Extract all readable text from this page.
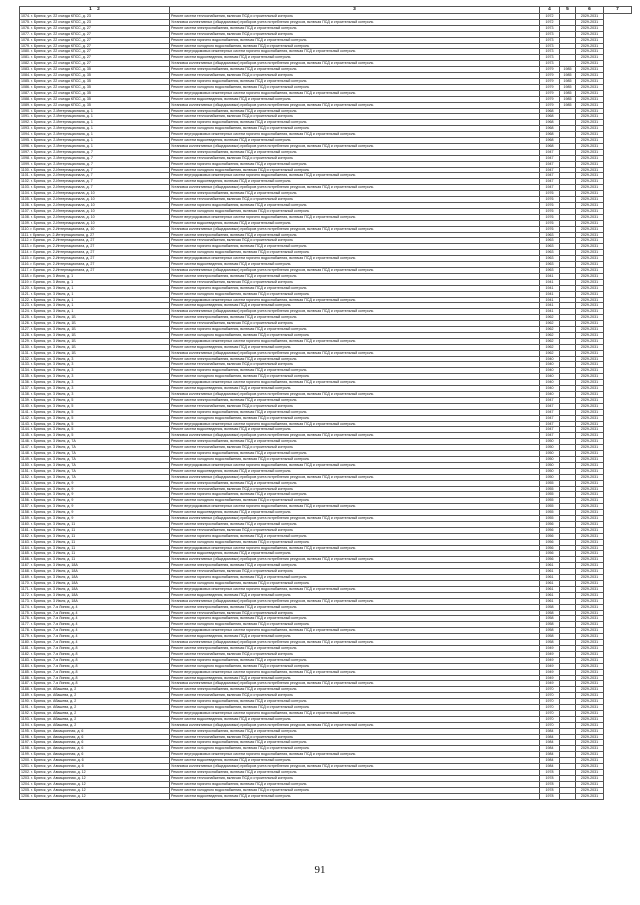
1 2	3	4	5	6	7
1074. г. Брянск, ул. 22 съезда КПСС, д. 23	Ремонт систем теплоснабжения, включая ПСД и строительный контроль	1972		2029-2031	
1075. г. Брянск, ул. 22 съезда КПСС, д. 23	Установка коллективных (общедомовых) приборов учета потребления ресурсов, включая ПСД и строительный контроль	1972		2029-2031	
1076. г. Брянск, ул. 22 съезда КПСС, д. 27	Ремонт систем электроснабжения, включая ПСД и строительный контроль	1973		2029-2031	
1077. г. Брянск, ул. 22 съезда КПСС, д. 27	Ремонт систем теплоснабжения, включая ПСД и строительный контроль	1973		2029-2031	
1078. г. Брянск, ул. 22 съезда КПСС, д. 27	Ремонт систем горячего водоснабжения, включая ПСД и строительный контроль	1973		2029-2031	
1079. г. Брянск, ул. 22 съезда КПСС, д. 27	Ремонт систем холодного водоснабжения, включая ПСД и строительный контроль	1973		2029-2031	
1080. г. Брянск, ул. 22 съезда КПСС, д. 27	Ремонт внутридомовых инженерных систем горячего водоснабжения, включая ПСД и строительный контроль	1973		2029-2031	
1081. г. Брянск, ул. 22 съезда КПСС, д. 27	Ремонт систем водоотведения, включая ПСД и строительный контроль	1973		2029-2031	
1082. г. Брянск, ул. 22 съезда КПСС, д. 27	Установка коллективных (общедомовых) приборов учета потребления ресурсов, включая ПСД и строительный контроль	1973		2029-2031	
1083. г. Брянск, ул. 22 съезда КПСС, д. 35	Ремонт систем электроснабжения, включая ПСД и строительный контроль	1979	1985	2029-2031	
1084. г. Брянск, ул. 22 съезда КПСС, д. 35	Ремонт систем теплоснабжения, включая ПСД и строительный контроль	1979	1985	2029-2031	
1085. г. Брянск, ул. 22 съезда КПСС, д. 35	Ремонт систем горячего водоснабжения, включая ПСД и строительный контроль	1979	1985	2029-2031	
1086. г. Брянск, ул. 22 съезда КПСС, д. 35	Ремонт систем холодного водоснабжения, включая ПСД и строительный контроль	1979	1985	2029-2031	
1087. г. Брянск, ул. 22 съезда КПСС, д. 35	Ремонт внутридомовых инженерных систем горячего водоснабжения, включая ПСД и строительный контроль	1979	1985	2029-2031	
1088. г. Брянск, ул. 22 съезда КПСС, д. 35	Ремонт систем водоотведения, включая ПСД и строительный контроль	1979	1985	2029-2031	
1089. г. Брянск, ул. 22 съезда КПСС, д. 35	Установка коллективных (общедомовых) приборов учета потребления ресурсов, включая ПСД и строительный контроль	1979	1985	2029-2031	
1090. г. Брянск, ул. 2-Интернационала, д. 1	Ремонт систем электроснабжения, включая ПСД и строительный контроль	1968		2029-2031	
1091. г. Брянск, ул. 2-Интернационала, д. 1	Ремонт систем теплоснабжения, включая ПСД и строительный контроль	1968		2029-2031	
1092. г. Брянск, ул. 2-Интернационала, д. 1	Ремонт систем горячего водоснабжения, включая ПСД и строительный контроль	1968		2029-2031	
1093. г. Брянск, ул. 2-Интернационала, д. 1	Ремонт систем холодного водоснабжения, включая ПСД и строительный контроль	1968		2029-2031	
1094. г. Брянск, ул. 2-Интернационала, д. 1	Ремонт внутридомовых инженерных систем горячего водоснабжения, включая ПСД и строительный контроль	1968		2029-2031	
1095. г. Брянск, ул. 2-Интернационала, д. 1	Ремонт систем водоотведения, включая ПСД и строительный контроль	1968		2029-2031	
1096. г. Брянск, ул. 2-Интернационала, д. 1	Установка коллективных (общедомовых) приборов учета потребления ресурсов, включая ПСД и строительный контроль	1968		2029-2031	
1097. г. Брянск, ул. 2-Интернационала, д. 7	Ремонт систем электроснабжения, включая ПСД и строительный контроль	1947		2029-2031	
1098. г. Брянск, ул. 2-Интернационала, д. 7	Ремонт систем теплоснабжения, включая ПСД и строительный контроль	1947		2029-2031	
1099. г. Брянск, ул. 2-Интернационала, д. 7	Ремонт систем горячего водоснабжения, включая ПСД и строительный контроль	1947		2029-2031	
1100. г. Брянск, ул. 2-Интернационала, д. 7	Ремонт систем холодного водоснабжения, включая ПСД и строительный контроль	1947		2029-2031	
1101. г. Брянск, ул. 2-Интернационала, д. 7	Ремонт внутридомовых инженерных систем горячего водоснабжения, включая ПСД и строительный контроль	1947		2029-2031	
1102. г. Брянск, ул. 2-Интернационала, д. 7	Ремонт систем водоотведения, включая ПСД и строительный контроль	1947		2029-2031	
1103. г. Брянск, ул. 2-Интернационала, д. 7	Установка коллективных (общедомовых) приборов учета потребления ресурсов, включая ПСД и строительный контроль	1947		2029-2031	
1104. г. Брянск, ул. 2-Интернационала, д. 10	Ремонт систем электроснабжения, включая ПСД и строительный контроль	1976		2029-2031	
1105. г. Брянск, ул. 2-Интернационала, д. 10	Ремонт систем теплоснабжения, включая ПСД и строительный контроль	1976		2029-2031	
1106. г. Брянск, ул. 2-Интернационала, д. 10	Ремонт систем горячего водоснабжения, включая ПСД и строительный контроль	1976		2029-2031	
1107. г. Брянск, ул. 2-Интернационала, д. 10	Ремонт систем холодного водоснабжения, включая ПСД и строительный контроль	1976		2029-2031	
1108. г. Брянск, ул. 2-Интернационала, д. 10	Ремонт внутридомовых инженерных систем горячего водоснабжения, включая ПСД и строительный контроль	1976		2029-2031	
1109. г. Брянск, ул. 2-Интернационала, д. 10	Ремонт систем водоотведения, включая ПСД и строительный контроль	1976		2029-2031	
1110. г. Брянск, ул. 2-Интернационала, д. 10	Установка коллективных (общедомовых) приборов учета потребления ресурсов, включая ПСД и строительный контроль	1976		2029-2031	
1111. г. Брянск, ул. 2-Интернационала, д. 27	Ремонт систем электроснабжения, включая ПСД и строительный контроль	1963		2029-2031	
1112. г. Брянск, ул. 2-Интернационала, д. 27	Ремонт систем теплоснабжения, включая ПСД и строительный контроль	1963		2029-2031	
1113. г. Брянск, ул. 2-Интернационала, д. 27	Ремонт систем горячего водоснабжения, включая ПСД и строительный контроль	1963		2029-2031	
1114. г. Брянск, ул. 2-Интернационала, д. 27	Ремонт систем холодного водоснабжения, включая ПСД и строительный контроль	1963		2029-2031	
1115. г. Брянск, ул. 2-Интернационала, д. 27	Ремонт внутридомовых инженерных систем горячего водоснабжения, включая ПСД и строительный контроль	1963		2029-2031	
1116. г. Брянск, ул. 2-Интернационала, д. 27	Ремонт систем водоотведения, включая ПСД и строительный контроль	1963		2029-2031	
1117. г. Брянск, ул. 2-Интернационала, д. 27	Установка коллективных (общедомовых) приборов учета потребления ресурсов, включая ПСД и строительный контроль	1963		2029-2031	
1118. г. Брянск, ул. 3 Июля, д. 1	Ремонт систем электроснабжения, включая ПСД и строительный контроль	1941		2029-2031	
1119. г. Брянск, ул. 3 Июля, д. 1	Ремонт систем теплоснабжения, включая ПСД и строительный контроль	1941		2029-2031	
1120. г. Брянск, ул. 3 Июля, д. 1	Ремонт систем горячего водоснабжения, включая ПСД и строительный контроль	1941		2029-2031	
1121. г. Брянск, ул. 3 Июля, д. 1	Ремонт систем холодного водоснабжения, включая ПСД и строительный контроль	1941		2029-2031	
1122. г. Брянск, ул. 3 Июля, д. 1	Ремонт внутридомовых инженерных систем горячего водоснабжения, включая ПСД и строительный контроль	1941		2029-2031	
1123. г. Брянск, ул. 3 Июля, д. 1	Ремонт систем водоотведения, включая ПСД и строительный контроль	1941		2029-2031	
1124. г. Брянск, ул. 3 Июля, д. 1	Установка коллективных (общедомовых) приборов учета потребления ресурсов, включая ПСД и строительный контроль	1941		2029-2031	
1125. г. Брянск, ул. 3 Июля, д. 1Б	Ремонт систем электроснабжения, включая ПСД и строительный контроль	1962		2029-2031	
1126. г. Брянск, ул. 3 Июля, д. 1Б	Ремонт систем теплоснабжения, включая ПСД и строительный контроль	1962		2029-2031	
1127. г. Брянск, ул. 3 Июля, д. 1Б	Ремонт систем горячего водоснабжения, включая ПСД и строительный контроль	1962		2029-2031	
1128. г. Брянск, ул. 3 Июля, д. 1Б	Ремонт систем холодного водоснабжения, включая ПСД и строительный контроль	1962		2029-2031	
1129. г. Брянск, ул. 3 Июля, д. 1Б	Ремонт внутридомовых инженерных систем горячего водоснабжения, включая ПСД и строительный контроль	1962		2029-2031	
1130. г. Брянск, ул. 3 Июля, д. 1Б	Ремонт систем водоотведения, включая ПСД и строительный контроль	1962		2029-2031	
1131. г. Брянск, ул. 3 Июля, д. 1Б	Установка коллективных (общедомовых) приборов учета потребления ресурсов, включая ПСД и строительный контроль	1962		2029-2031	
1132. г. Брянск, ул. 3 Июля, д. 3	Ремонт систем электроснабжения, включая ПСД и строительный контроль	1940		2029-2031	
1133. г. Брянск, ул. 3 Июля, д. 3	Ремонт систем теплоснабжения, включая ПСД и строительный контроль	1940		2029-2031	
1134. г. Брянск, ул. 3 Июля, д. 3	Ремонт систем горячего водоснабжения, включая ПСД и строительный контроль	1940		2029-2031	
1135. г. Брянск, ул. 3 Июля, д. 3	Ремонт систем холодного водоснабжения, включая ПСД и строительный контроль	1940		2029-2031	
1136. г. Брянск, ул. 3 Июля, д. 3	Ремонт внутридомовых инженерных систем горячего водоснабжения, включая ПСД и строительный контроль	1940		2029-2031	
1137. г. Брянск, ул. 3 Июля, д. 3	Ремонт систем водоотведения, включая ПСД и строительный контроль	1940		2029-2031	
1138. г. Брянск, ул. 3 Июля, д. 3	Установка коллективных (общедомовых) приборов учета потребления ресурсов, включая ПСД и строительный контроль	1940		2029-2031	
1139. г. Брянск, ул. 3 Июля, д. 5	Ремонт систем электроснабжения, включая ПСД и строительный контроль	1947		2029-2031	
1140. г. Брянск, ул. 3 Июля, д. 5	Ремонт систем теплоснабжения, включая ПСД и строительный контроль	1947		2029-2031	
1141. г. Брянск, ул. 3 Июля, д. 5	Ремонт систем горячего водоснабжения, включая ПСД и строительный контроль	1947		2029-2031	
1142. г. Брянск, ул. 3 Июля, д. 5	Ремонт систем холодного водоснабжения, включая ПСД и строительный контроль	1947		2029-2031	
1143. г. Брянск, ул. 3 Июля, д. 5	Ремонт внутридомовых инженерных систем горячего водоснабжения, включая ПСД и строительный контроль	1947		2029-2031	
1144. г. Брянск, ул. 3 Июля, д. 5	Ремонт систем водоотведения, включая ПСД и строительный контроль	1947		2029-2031	
1145. г. Брянск, ул. 3 Июля, д. 5	Установка коллективных (общедомовых) приборов учета потребления ресурсов, включая ПСД и строительный контроль	1947		2029-2031	
1146. г. Брянск, ул. 3 Июля, д. 7А	Ремонт систем электроснабжения, включая ПСД и строительный контроль	1950		2029-2031	
1147. г. Брянск, ул. 3 Июля, д. 7А	Ремонт систем теплоснабжения, включая ПСД и строительный контроль	1950		2029-2031	
1148. г. Брянск, ул. 3 Июля, д. 7А	Ремонт систем горячего водоснабжения, включая ПСД и строительный контроль	1950		2029-2031	
1149. г. Брянск, ул. 3 Июля, д. 7А	Ремонт систем холодного водоснабжения, включая ПСД и строительный контроль	1950		2029-2031	
1150. г. Брянск, ул. 3 Июля, д. 7А	Ремонт внутридомовых инженерных систем горячего водоснабжения, включая ПСД и строительный контроль	1950		2029-2031	
1151. г. Брянск, ул. 3 Июля, д. 7А	Ремонт систем водоотведения, включая ПСД и строительный контроль	1950		2029-2031	
1152. г. Брянск, ул. 3 Июля, д. 7А	Установка коллективных (общедомовых) приборов учета потребления ресурсов, включая ПСД и строительный контроль	1950		2029-2031	
1153. г. Брянск, ул. 3 Июля, д. 9	Ремонт систем электроснабжения, включая ПСД и строительный контроль	1955		2029-2031	
1154. г. Брянск, ул. 3 Июля, д. 9	Ремонт систем теплоснабжения, включая ПСД и строительный контроль	1955		2029-2031	
1155. г. Брянск, ул. 3 Июля, д. 9	Ремонт систем горячего водоснабжения, включая ПСД и строительный контроль	1955		2029-2031	
1156. г. Брянск, ул. 3 Июля, д. 9	Ремонт систем холодного водоснабжения, включая ПСД и строительный контроль	1955		2029-2031	
1157. г. Брянск, ул. 3 Июля, д. 9	Ремонт внутридомовых инженерных систем горячего водоснабжения, включая ПСД и строительный контроль	1955		2029-2031	
1158. г. Брянск, ул. 3 Июля, д. 9	Ремонт систем водоотведения, включая ПСД и строительный контроль	1955		2029-2031	
1159. г. Брянск, ул. 3 Июля, д. 9	Установка коллективных (общедомовых) приборов учета потребления ресурсов, включая ПСД и строительный контроль	1955		2029-2031	
1160. г. Брянск, ул. 3 Июля, д. 11	Ремонт систем электроснабжения, включая ПСД и строительный контроль	1956		2029-2031	
1161. г. Брянск, ул. 3 Июля, д. 11	Ремонт систем теплоснабжения, включая ПСД и строительный контроль	1956		2029-2031	
1162. г. Брянск, ул. 3 Июля, д. 11	Ремонт систем горячего водоснабжения, включая ПСД и строительный контроль	1956		2029-2031	
1163. г. Брянск, ул. 3 Июля, д. 11	Ремонт систем холодного водоснабжения, включая ПСД и строительный контроль	1956		2029-2031	
1164. г. Брянск, ул. 3 Июля, д. 11	Ремонт внутридомовых инженерных систем горячего водоснабжения, включая ПСД и строительный контроль	1956		2029-2031	
1165. г. Брянск, ул. 3 Июля, д. 11	Ремонт систем водоотведения, включая ПСД и строительный контроль	1956		2029-2031	
1166. г. Брянск, ул. 3 Июля, д. 11	Установка коллективных (общедомовых) приборов учета потребления ресурсов, включая ПСД и строительный контроль	1956		2029-2031	
1167. г. Брянск, ул. 3 Июля, д. 18А	Ремонт систем электроснабжения, включая ПСД и строительный контроль	1961		2029-2031	
1168. г. Брянск, ул. 3 Июля, д. 18А	Ремонт систем теплоснабжения, включая ПСД и строительный контроль	1961		2029-2031	
1169. г. Брянск, ул. 3 Июля, д. 18А	Ремонт систем горячего водоснабжения, включая ПСД и строительный контроль	1961		2029-2031	
1170. г. Брянск, ул. 3 Июля, д. 18А	Ремонт систем холодного водоснабжения, включая ПСД и строительный контроль	1961		2029-2031	
1171. г. Брянск, ул. 3 Июля, д. 18А	Ремонт внутридомовых инженерных систем горячего водоснабжения, включая ПСД и строительный контроль	1961		2029-2031	
1172. г. Брянск, ул. 3 Июля, д. 18А	Ремонт систем водоотведения, включая ПСД и строительный контроль	1961		2029-2031	
1173. г. Брянск, ул. 3 Июля, д. 18А	Установка коллективных (общедомовых) приборов учета потребления ресурсов, включая ПСД и строительный контроль	1961		2029-2031	
1174. г. Брянск, ул. 7-я Линия, д. 4	Ремонт систем электроснабжения, включая ПСД и строительный контроль	1958		2029-2031	
1175. г. Брянск, ул. 7-я Линия, д. 4	Ремонт систем теплоснабжения, включая ПСД и строительный контроль	1958		2029-2031	
1176. г. Брянск, ул. 7-я Линия, д. 4	Ремонт систем горячего водоснабжения, включая ПСД и строительный контроль	1958		2029-2031	
1177. г. Брянск, ул. 7-я Линия, д. 4	Ремонт систем холодного водоснабжения, включая ПСД и строительный контроль	1958		2029-2031	
1178. г. Брянск, ул. 7-я Линия, д. 4	Ремонт внутридомовых инженерных систем горячего водоснабжения, включая ПСД и строительный контроль	1958		2029-2031	
1179. г. Брянск, ул. 7-я Линия, д. 4	Ремонт систем водоотведения, включая ПСД и строительный контроль	1958		2029-2031	
1180. г. Брянск, ул. 7-я Линия, д. 4	Установка коллективных (общедомовых) приборов учета потребления ресурсов, включая ПСД и строительный контроль	1958		2029-2031	
1181. г. Брянск, ул. 7-я Линия, д. 8	Ремонт систем электроснабжения, включая ПСД и строительный контроль	1949		2029-2031	
1182. г. Брянск, ул. 7-я Линия, д. 8	Ремонт систем теплоснабжения, включая ПСД и строительный контроль	1949		2029-2031	
1183. г. Брянск, ул. 7-я Линия, д. 8	Ремонт систем горячего водоснабжения, включая ПСД и строительный контроль	1949		2029-2031	
1184. г. Брянск, ул. 7-я Линия, д. 8	Ремонт систем холодного водоснабжения, включая ПСД и строительный контроль	1949		2029-2031	
1185. г. Брянск, ул. 7-я Линия, д. 8	Ремонт внутридомовых инженерных систем горячего водоснабжения, включая ПСД и строительный контроль	1949		2029-2031	
1186. г. Брянск, ул. 7-я Линия, д. 8	Ремонт систем водоотведения, включая ПСД и строительный контроль	1949		2029-2031	
1187. г. Брянск, ул. 7-я Линия, д. 8	Установка коллективных (общедомовых) приборов учета потребления ресурсов, включая ПСД и строительный контроль	1949		2029-2031	
1188. г. Брянск, ул. Абашева, д. 2	Ремонт систем электроснабжения, включая ПСД и строительный контроль	1970		2029-2031	
1189. г. Брянск, ул. Абашева, д. 2	Ремонт систем теплоснабжения, включая ПСД и строительный контроль	1970		2029-2031	
1190. г. Брянск, ул. Абашева, д. 2	Ремонт систем горячего водоснабжения, включая ПСД и строительный контроль	1970		2029-2031	
1191. г. Брянск, ул. Абашева, д. 2	Ремонт систем холодного водоснабжения, включая ПСД и строительный контроль	1970		2029-2031	
1192. г. Брянск, ул. Абашева, д. 2	Ремонт внутридомовых инженерных систем горячего водоснабжения, включая ПСД и строительный контроль	1970		2029-2031	
1193. г. Брянск, ул. Абашева, д. 2	Ремонт систем водоотведения, включая ПСД и строительный контроль	1970		2029-2031	
1194. г. Брянск, ул. Абашева, д. 2	Установка коллективных (общедомовых) приборов учета потребления ресурсов, включая ПСД и строительный контроль	1970		2029-2031	
1195. г. Брянск, ул. Авиационная, д. 6	Ремонт систем электроснабжения, включая ПСД и строительный контроль	1984		2029-2031	
1196. г. Брянск, ул. Авиационная, д. 6	Ремонт систем теплоснабжения, включая ПСД и строительный контроль	1984		2029-2031	
1197. г. Брянск, ул. Авиационная, д. 6	Ремонт систем горячего водоснабжения, включая ПСД и строительный контроль	1984		2029-2031	
1198. г. Брянск, ул. Авиационная, д. 6	Ремонт систем холодного водоснабжения, включая ПСД и строительный контроль	1984		2029-2031	
1199. г. Брянск, ул. Авиационная, д. 6	Ремонт внутридомовых инженерных систем горячего водоснабжения, включая ПСД и строительный контроль	1984		2029-2031	
1200. г. Брянск, ул. Авиационная, д. 6	Ремонт систем водоотведения, включая ПСД и строительный контроль	1984		2029-2031	
1201. г. Брянск, ул. Авиационная, д. 6	Установка коллективных (общедомовых) приборов учета потребления ресурсов, включая ПСД и строительный контроль	1984		2029-2031	
1202. г. Брянск, ул. Авиационная, д. 12	Ремонт систем электроснабжения, включая ПСД и строительный контроль	1978		2029-2031	
1203. г. Брянск, ул. Авиационная, д. 12	Ремонт систем теплоснабжения, включая ПСД и строительный контроль	1978		2029-2031	
1204. г. Брянск, ул. Авиационная, д. 12	Ремонт систем горячего водоснабжения, включая ПСД и строительный контроль	1978		2029-2031	
1205. г. Брянск, ул. Авиационная, д. 12	Ремонт систем холодного водоснабжения, включая ПСД и строительный контроль	1978		2029-2031	
1206. г. Брянск, ул. Авиационная, д. 12	Ремонт систем водоотведения, включая ПСД и строительный контроль	1978		2029-2031	
91
